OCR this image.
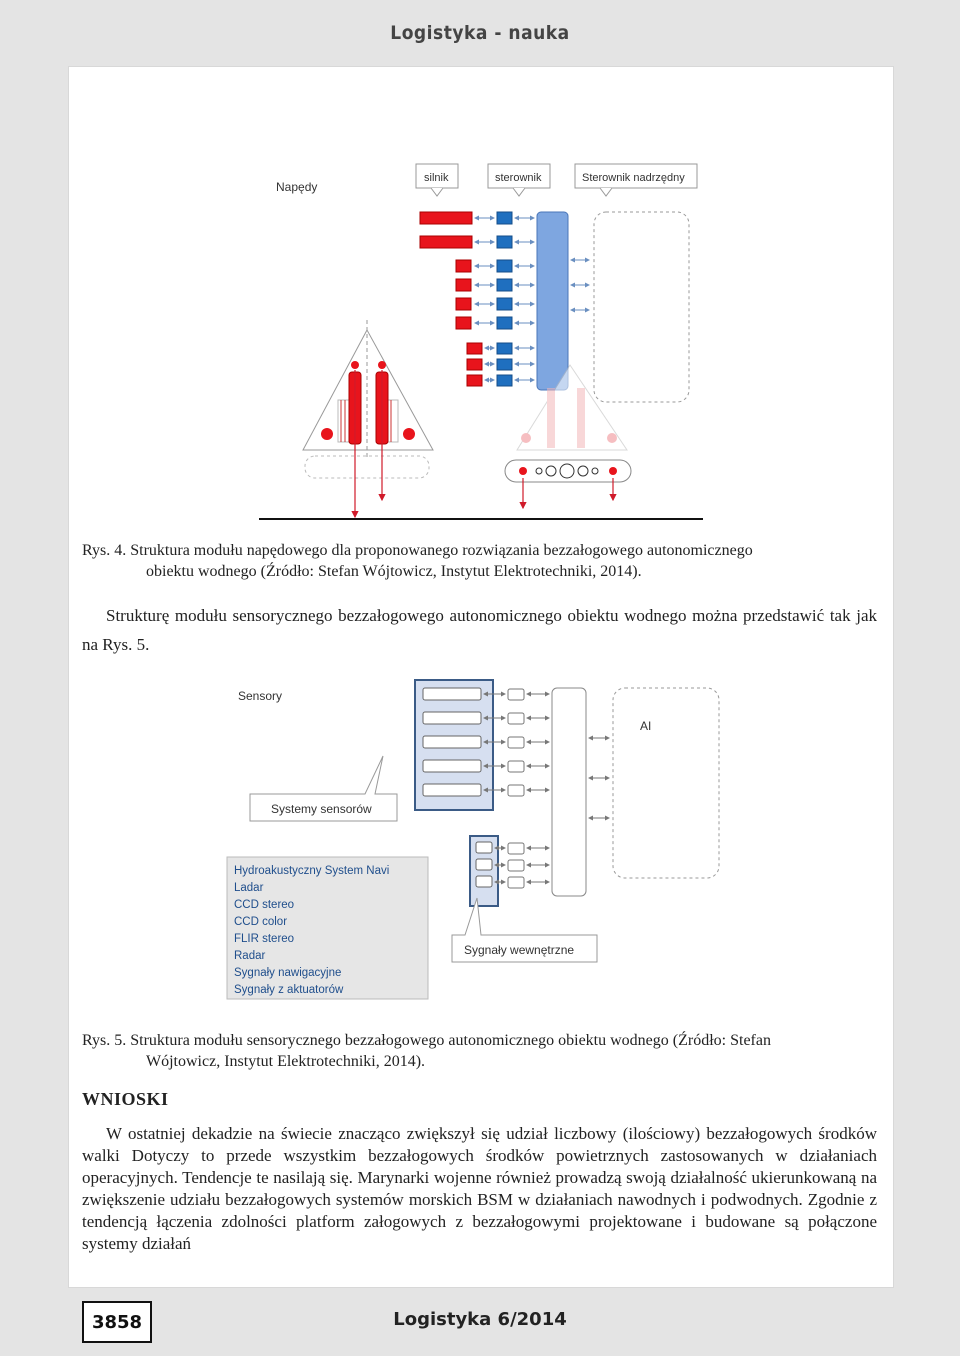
Logistyka - nauka
Napędy
silnik	sterownik	Sterownik nadrzędny
Rys. 4. Struktura modułu napędowego dla proponowanego rozwiązania bezzałogowego autonomicznego
obiektu wodnego (Źródło: Stefan Wójtowicz, Instytut Elektrotechniki, 2014).
Strukturę modułu sensorycznego bezzałogowego autonomicznego obiektu wodnego można przedstawić tak jak na Rys. 5.
Sensory
AI
Systemy sensorów
Sygnały wewnętrzne
Hydroakustyczny System Navi
Ladar
CCD stereo
CCD color
FLIR stereo
Radar
Sygnały nawigacyjne
Sygnały z aktuatorów
Rys. 5. Struktura modułu sensorycznego bezzałogowego autonomicznego obiektu wodnego (Źródło: Stefan
Wójtowicz, Instytut Elektrotechniki, 2014).
WNIOSKI
W ostatniej dekadzie na świecie znacząco zwiększył się udział liczbowy (ilościowy) bezzałogowych środków walki Dotyczy to przede wszystkim bezzałogowych środków powietrznych zastosowanych w działaniach operacyjnych. Tendencje te nasilają się. Marynarki wojenne również prowadzą swoją działalność ukierunkowaną na zwiększenie udziału bezzałogowych systemów morskich BSM w działaniach nawodnych i podwodnych. Zgodnie z tendencją łączenia zdolności platform załogowych z bezzałogowymi projektowane i budowane są połączone systemy działań
3858	Logistyka 6/2014
